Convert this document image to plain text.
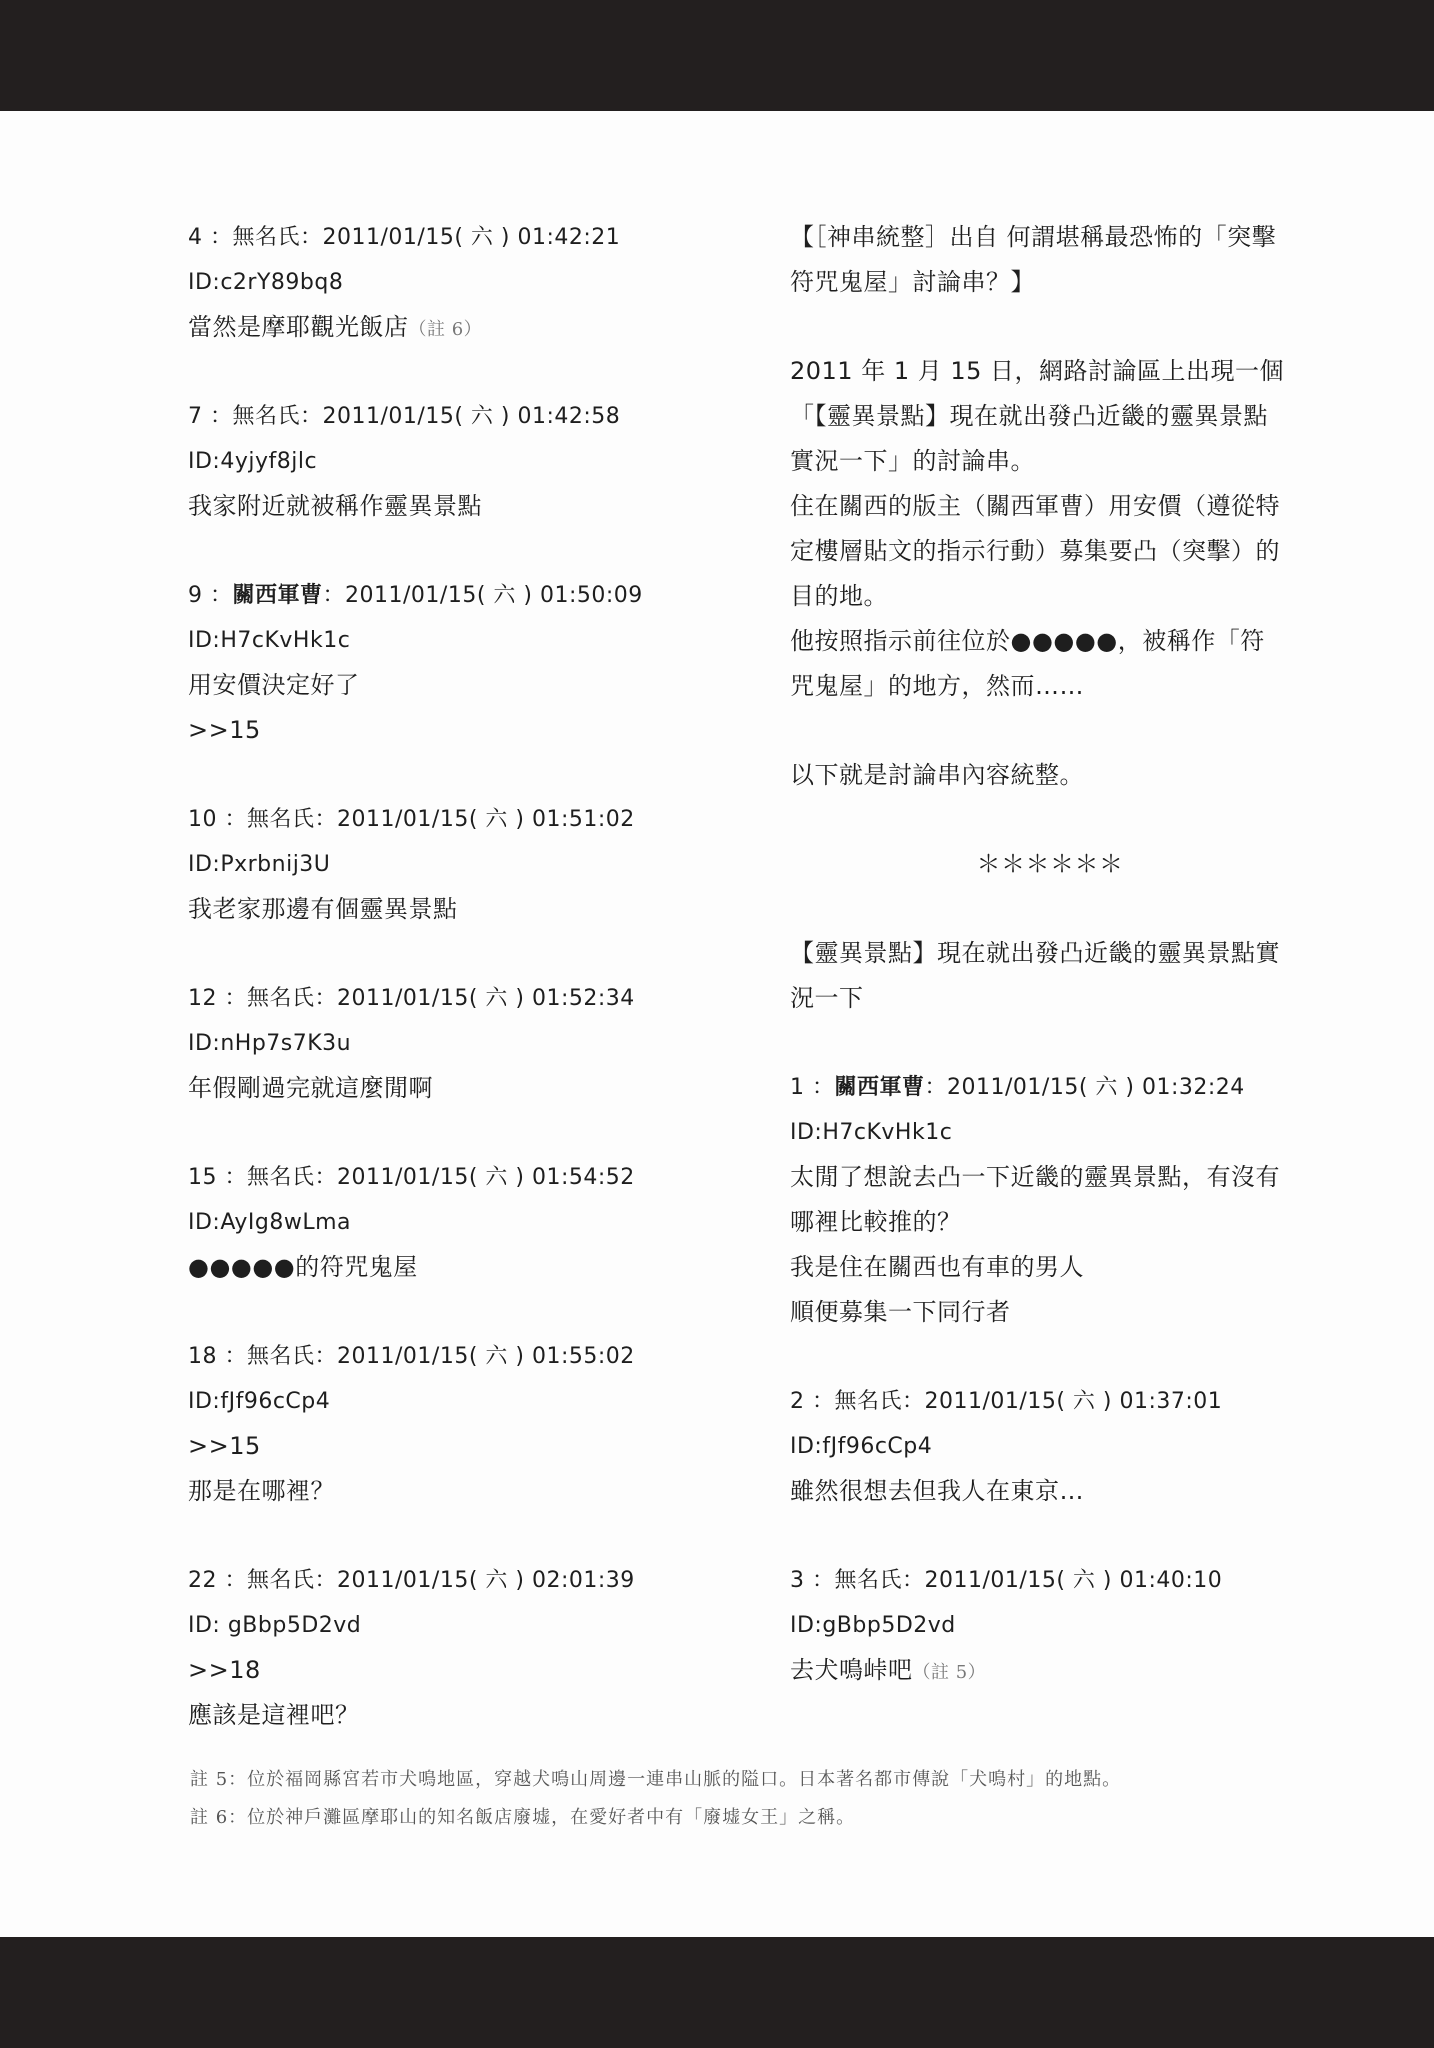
4 ：無名氏：2011/01/15( 六 ) 01:42:21
ID:c2rY89bq8
當然是摩耶觀光飯店（註 6）
7 ：無名氏：2011/01/15( 六 ) 01:42:58
ID:4yjyf8jlc
我家附近就被稱作靈異景點
9 ：關西軍曹：2011/01/15( 六 ) 01:50:09
ID:H7cKvHk1c
用安價決定好了
>>15
10 ：無名氏：2011/01/15( 六 ) 01:51:02
ID:Pxrbnij3U
我老家那邊有個靈異景點
12 ：無名氏：2011/01/15( 六 ) 01:52:34
ID:nHp7s7K3u
年假剛過完就這麼閒啊
15 ：無名氏：2011/01/15( 六 ) 01:54:52
ID:AyIg8wLma
●●●●●的符咒鬼屋
18 ：無名氏：2011/01/15( 六 ) 01:55:02
ID:fJf96cCp4
>>15
那是在哪裡？
22 ：無名氏：2011/01/15( 六 ) 02:01:39
ID: gBbp5D2vd
>>18
應該是這裡吧？
【［神串統整］出自 何謂堪稱最恐怖的「突擊
符咒鬼屋」討論串？】
2011 年 1 月 15 日，網路討論區上出現一個
「【靈異景點】現在就出發凸近畿的靈異景點
實況一下」的討論串。
住在關西的版主（關西軍曹）用安價（遵從特
定樓層貼文的指示行動）募集要凸（突擊）的
目的地。
他按照指示前往位於●●●●●，被稱作「符
咒鬼屋」的地方，然而……
以下就是討論串內容統整。
＊＊＊＊＊＊
【靈異景點】現在就出發凸近畿的靈異景點實
況一下
1 ：關西軍曹：2011/01/15( 六 ) 01:32:24
ID:H7cKvHk1c
太閒了想說去凸一下近畿的靈異景點，有沒有
哪裡比較推的？
我是住在關西也有車的男人
順便募集一下同行者
2 ：無名氏：2011/01/15( 六 ) 01:37:01
ID:fJf96cCp4
雖然很想去但我人在東京…
3 ：無名氏：2011/01/15( 六 ) 01:40:10
ID:gBbp5D2vd
去犬鳴峠吧（註 5）
註 5：位於福岡縣宮若市犬鳴地區，穿越犬鳴山周邊一連串山脈的隘口。日本著名都市傳說「犬鳴村」的地點。
註 6：位於神戶灘區摩耶山的知名飯店廢墟，在愛好者中有「廢墟女王」之稱。
